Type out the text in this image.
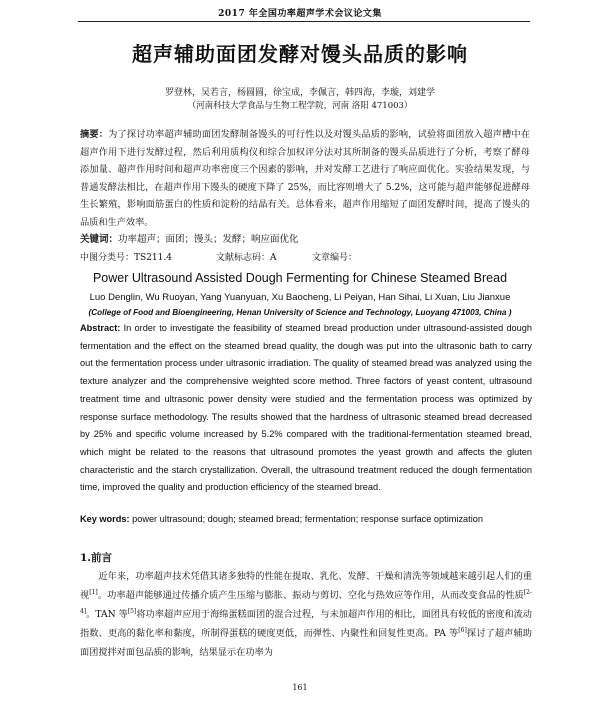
2017 年全国功率超声学术会议论文集
超声辅助面团发酵对馒头品质的影响
罗登林，吴若言，杨圆圆，徐宝成，李佩言，韩四海，李璇，刘建学
（河南科技大学食品与生物工程学院，河南 洛阳 471003）
摘要：为了探讨功率超声辅助面团发酵制备馒头的可行性以及对馒头品质的影响，试验将面团放入超声槽中在超声作用下进行发酵过程，然后利用质构仪和综合加权评分法对其所制备的馒头品质进行了分析，考察了酵母添加量、超声作用时间和超声功率密度三个因素的影响，并对发酵工艺进行了响应面优化。实验结果发现，与普通发酵法相比，在超声作用下馒头的硬度下降了 25%，而比容则增大了 5.2%，这可能与超声能够促进酵母生长繁殖，影响面筋蛋白的性质和淀粉的结晶有关。总体看来，超声作用缩短了面团发酵时间，提高了馒头的品质和生产效率。
关键词：功率超声；面团；馒头；发酵；响应面优化
中图分类号：TS211.4	文献标志码：A	文章编号：
Power Ultrasound Assisted Dough Fermenting for Chinese Steamed Bread
Luo Denglin, Wu Ruoyan, Yang Yuanyuan, Xu Baocheng, Li Peiyan, Han Sihai, Li Xuan, Liu Jianxue
(College of Food and Bioengineering, Henan University of Science and Technology, Luoyang 471003, China )
Abstract: In order to investigate the feasibility of steamed bread production under ultrasound-assisted dough fermentation and the effect on the steamed bread quality, the dough was put into the ultrasonic bath to carry out the fermentation process under ultrasonic irradiation. The quality of steamed bread was analyzed using the texture analyzer and the comprehensive weighted score method. Three factors of yeast content, ultrasound treatment time and ultrasonic power density were studied and the fermentation process was optimized by response surface methodology. The results showed that the hardness of ultrasonic steamed bread decreased by 25% and specific volume increased by 5.2% compared with the traditional-fermentation steamed bread, which might be related to the reasons that ultrasound promotes the yeast growth and affects the gluten characteristic and the starch crystallization. Overall, the ultrasound treatment reduced the dough fermentation time, improved the quality and production efficiency of the steamed bread.
Key words: power ultrasound; dough; steamed bread; fermentation; response surface optimization
1.前言
近年来，功率超声技术凭借其诸多独特的性能在提取、乳化、发酵、干燥和清洗等领域越来越引起人们的重视[1]。功率超声能够通过传播介质产生压缩与膨胀、振动与剪切、空化与热效应等作用，从而改变食品的性质[2-4]。TAN 等[5]将功率超声应用于海绵蛋糕面团的混合过程，与未加超声作用的相比，面团具有较低的密度和流动指数、更高的黏化率和黏度，所制得蛋糕的硬度更低，而弹性、内聚性和回复性更高。PA 等[6]探讨了超声辅助面团搅拌对面包品质的影响，结果显示在功率为
161
